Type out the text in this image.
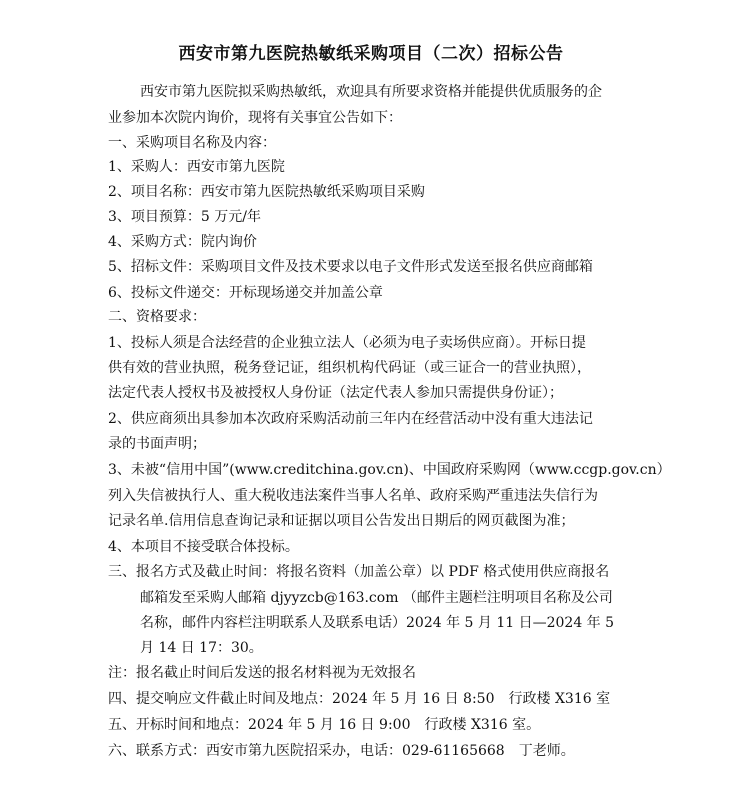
西安市第九医院热敏纸采购项目（二次）招标公告
西安市第九医院拟采购热敏纸，欢迎具有所要求资格并能提供优质服务的企
业参加本次院内询价，现将有关事宜公告如下：
一、采购项目名称及内容：
1、采购人：西安市第九医院
2、项目名称：西安市第九医院热敏纸采购项目采购
3、项目预算：5 万元/年
4、采购方式：院内询价
5、招标文件：采购项目文件及技术要求以电子文件形式发送至报名供应商邮箱
6、投标文件递交：开标现场递交并加盖公章
二、资格要求：
1、投标人须是合法经营的企业独立法人（必须为电子卖场供应商）。开标日提
供有效的营业执照，税务登记证，组织机构代码证（或三证合一的营业执照），
法定代表人授权书及被授权人身份证（法定代表人参加只需提供身份证）；
2、供应商须出具参加本次政府采购活动前三年内在经营活动中没有重大违法记
录的书面声明；
3、未被“信用中国”(www.creditchina.gov.cn)、中国政府采购网（www.ccgp.gov.cn）
列入失信被执行人、重大税收违法案件当事人名单、政府采购严重违法失信行为
记录名单.信用信息查询记录和证据以项目公告发出日期后的网页截图为准；
4、本项目不接受联合体投标。
三、报名方式及截止时间：将报名资料（加盖公章）以 PDF 格式使用供应商报名
邮箱发至采购人邮箱 djyyzcb@163.com （邮件主题栏注明项目名称及公司
名称，邮件内容栏注明联系人及联系电话）2024 年 5 月 11 日—2024 年 5
月 14 日 17：30。
注：报名截止时间后发送的报名材料视为无效报名
四、提交响应文件截止时间及地点：2024 年 5 月 16 日 8:50　行政楼 X316 室
五、开标时间和地点：2024 年 5 月 16 日 9:00　行政楼 X316 室。
六、联系方式：西安市第九医院招采办，电话：029-61165668　丁老师。
